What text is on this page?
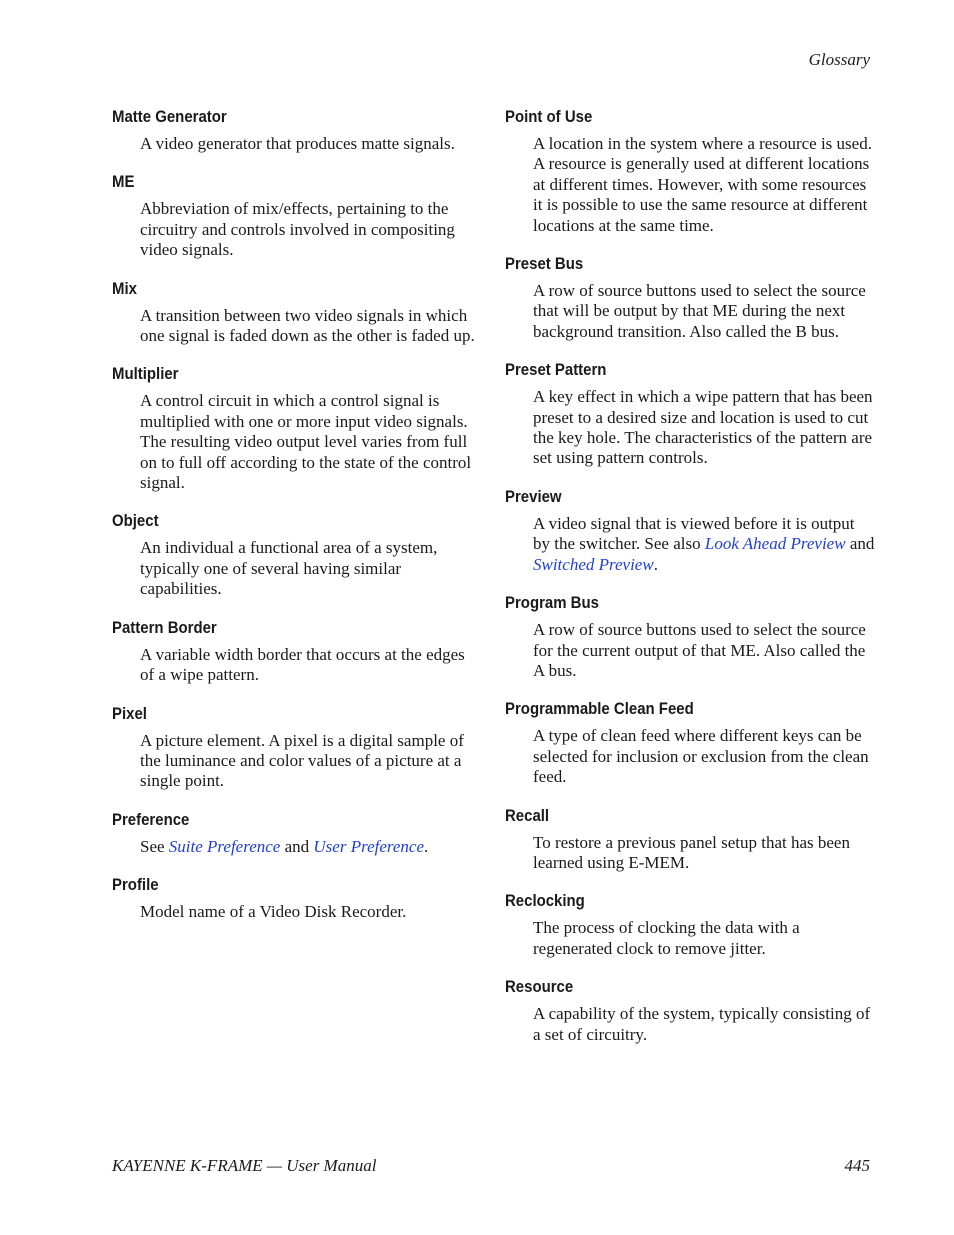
Glossary
Matte Generator
A video generator that produces matte signals.
ME
Abbreviation of mix/effects, pertaining to the circuitry and controls involved in compositing video signals.
Mix
A transition between two video signals in which one signal is faded down as the other is faded up.
Multiplier
A control circuit in which a control signal is multiplied with one or more input video signals. The resulting video output level varies from full on to full off according to the state of the control signal.
Object
An individual a functional area of a system, typically one of several having similar capabilities.
Pattern Border
A variable width border that occurs at the edges of a wipe pattern.
Pixel
A picture element. A pixel is a digital sample of the luminance and color values of a picture at a single point.
Preference
See Suite Preference and User Preference.
Profile
Model name of a Video Disk Recorder.
Point of Use
A location in the system where a resource is used. A resource is generally used at different locations at different times. However, with some resources it is possible to use the same resource at different locations at the same time.
Preset Bus
A row of source buttons used to select the source that will be output by that ME during the next background transition. Also called the B bus.
Preset Pattern
A key effect in which a wipe pattern that has been preset to a desired size and location is used to cut the key hole. The characteristics of the pattern are set using pattern controls.
Preview
A video signal that is viewed before it is output by the switcher. See also Look Ahead Preview and Switched Preview.
Program Bus
A row of source buttons used to select the source for the current output of that ME. Also called the A bus.
Programmable Clean Feed
A type of clean feed where different keys can be selected for inclusion or exclusion from the clean feed.
Recall
To restore a previous panel setup that has been learned using E-MEM.
Reclocking
The process of clocking the data with a regenerated clock to remove jitter.
Resource
A capability of the system, typically consisting of a set of circuitry.
KAYENNE K-FRAME — User Manual	445
